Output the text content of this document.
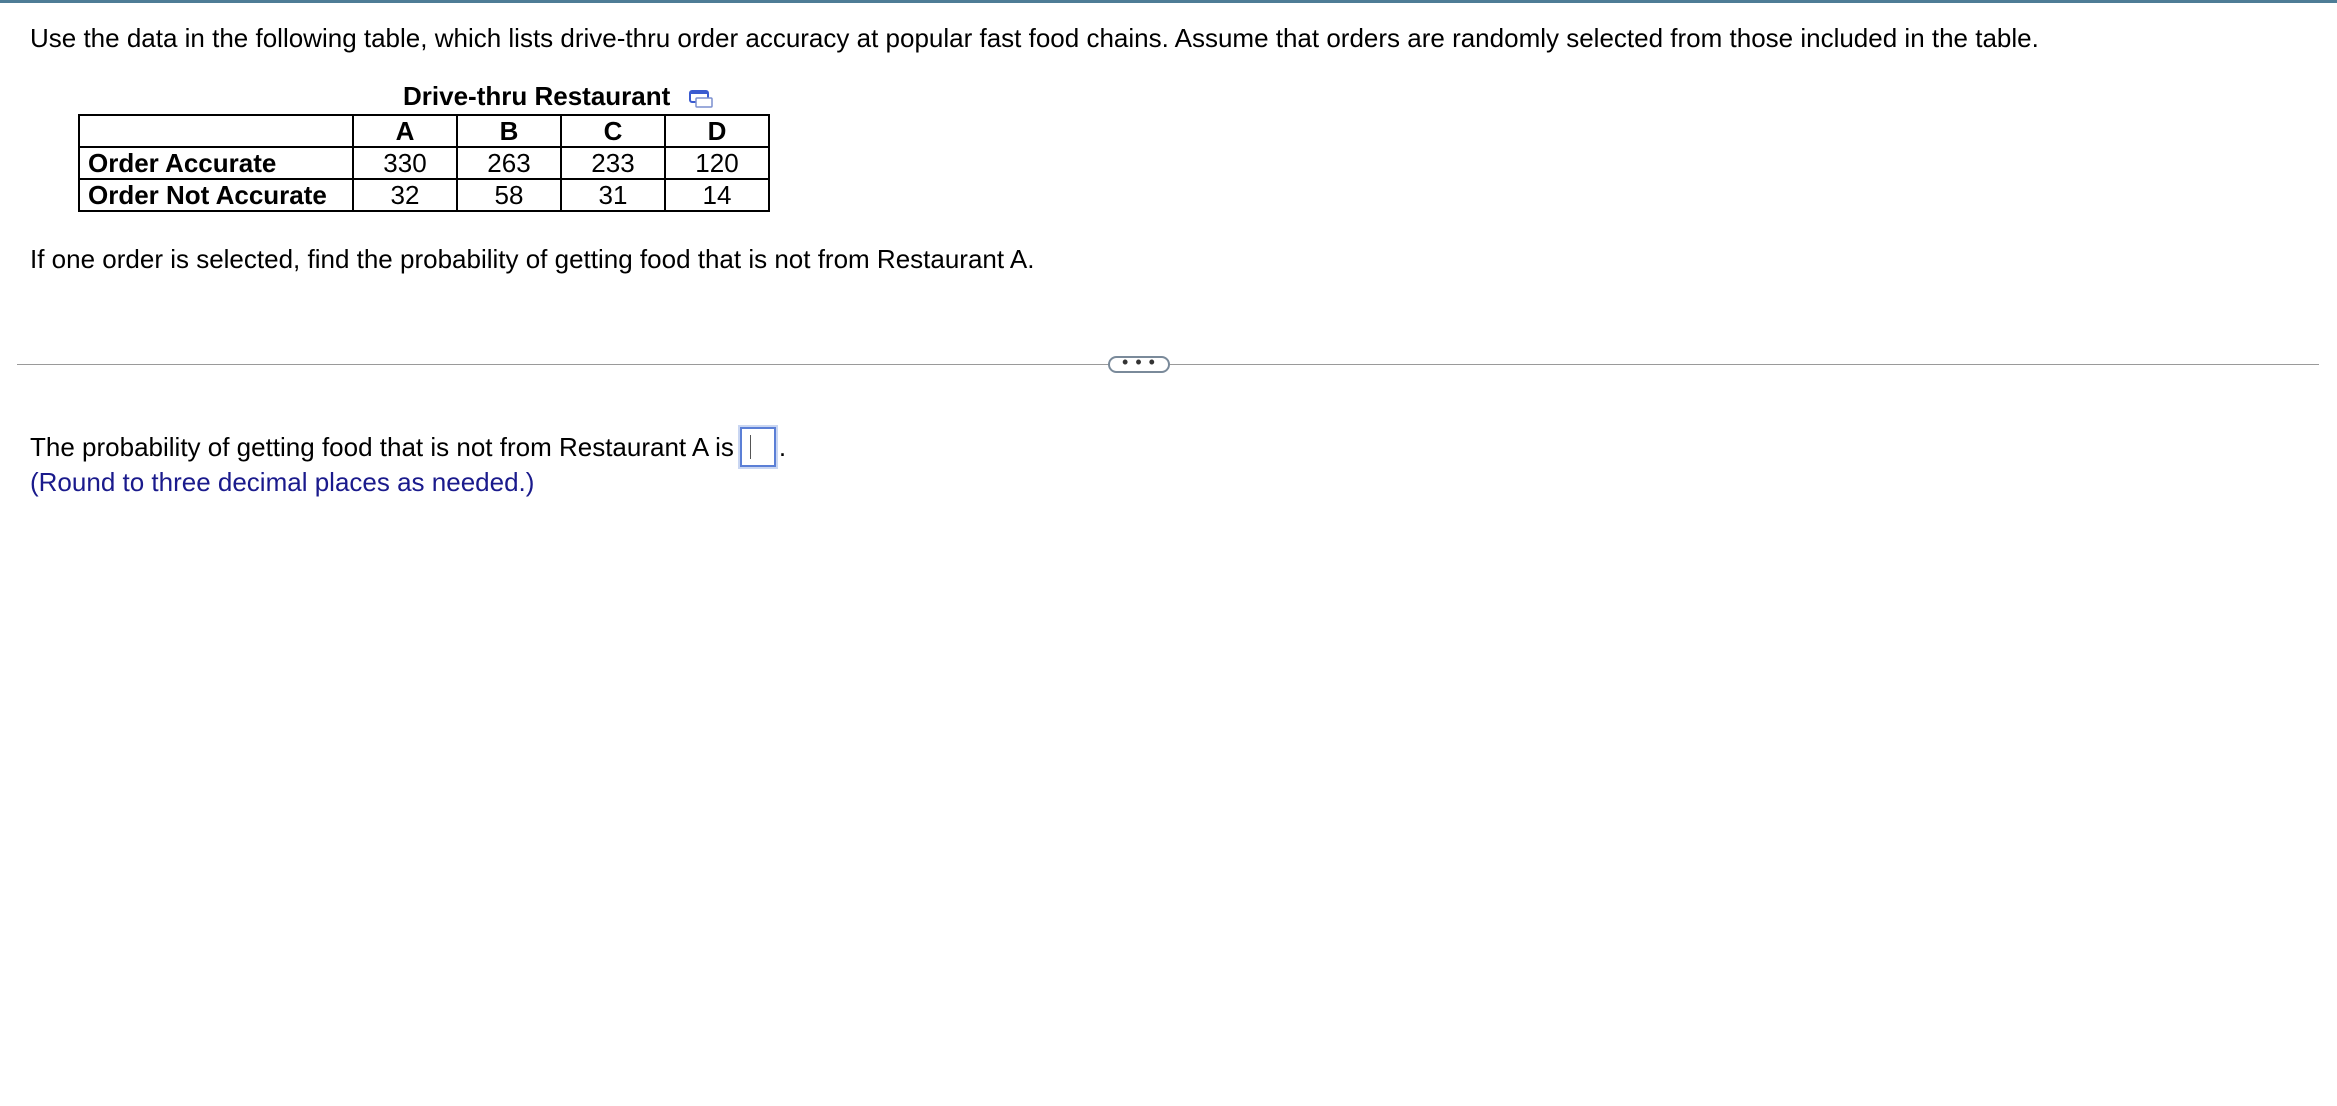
Use the data in the following table, which lists drive-thru order accuracy at popular fast food chains. Assume that orders are randomly selected from those included in the table.
Drive-thru Restaurant
	A	B	C	D
Order Accurate	330	263	233	120
Order Not Accurate	32	58	31	14
If one order is selected, find the probability of getting food that is not from Restaurant A.
• • •
The probability of getting food that is not from Restaurant A is .
(Round to three decimal places as needed.)
